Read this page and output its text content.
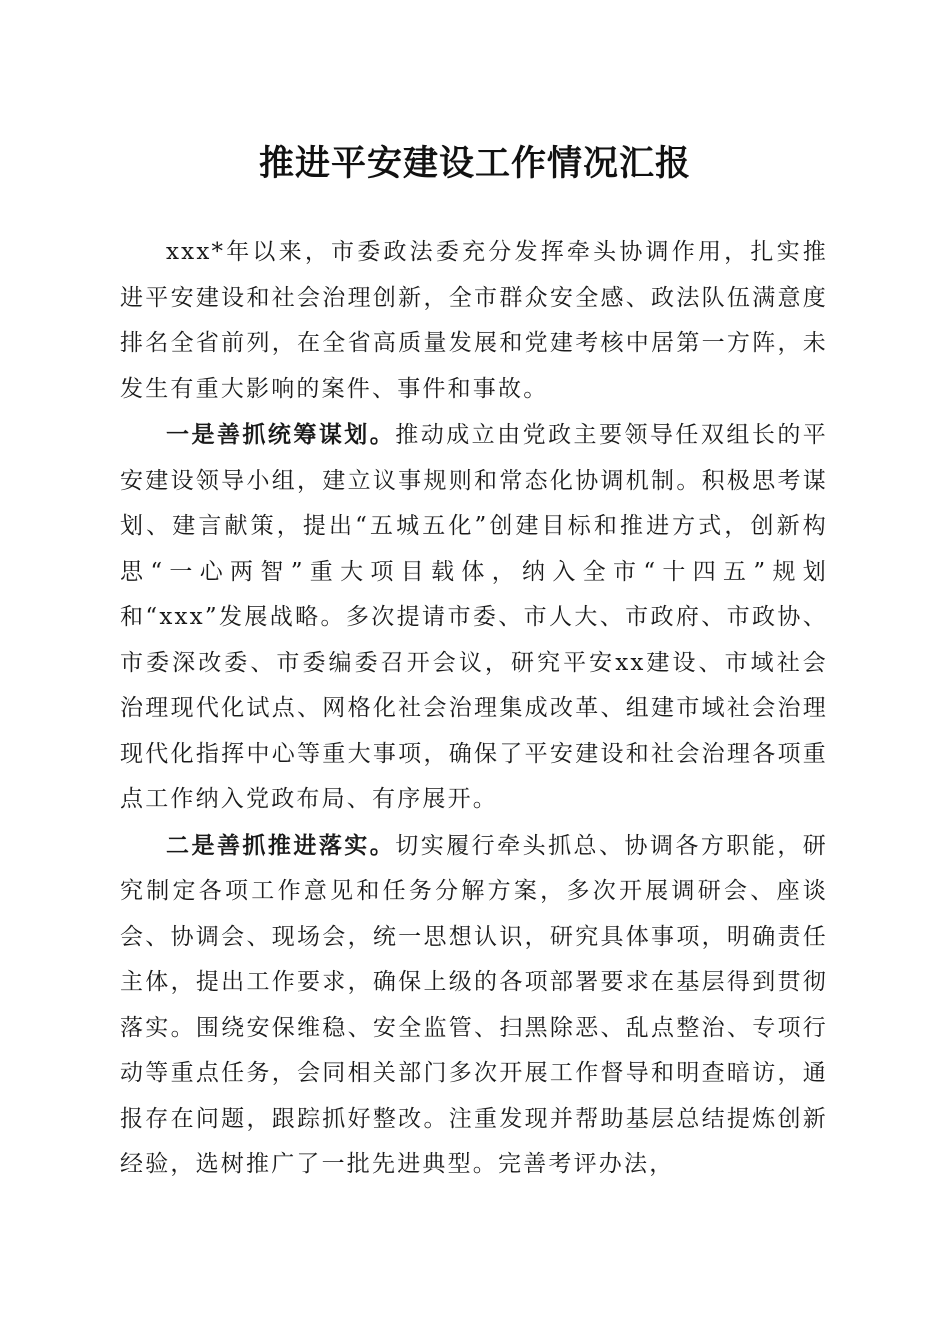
推进平安建设工作情况汇报

xxx*年以来，市委政法委充分发挥牵头协调作用，扎实推进平安建设和社会治理创新，全市群众安全感、政法队伍满意度排名全省前列，在全省高质量发展和党建考核中居第一方阵，未发生有重大影响的案件、事件和事故。

一是善抓统筹谋划。推动成立由党政主要领导任双组长的平安建设领导小组，建立议事规则和常态化协调机制。积极思考谋划、建言献策，提出“五城五化”创建目标和推进方式，创新构思“一心两智”重大项目载体，纳入全市“十四五”规划和“xxx”发展战略。多次提请市委、市人大、市政府、市政协、市委深改委、市委编委召开会议，研究平安xx建设、市域社会治理现代化试点、网格化社会治理集成改革、组建市域社会治理现代化指挥中心等重大事项，确保了平安建设和社会治理各项重点工作纳入党政布局、有序展开。

二是善抓推进落实。切实履行牵头抓总、协调各方职能，研究制定各项工作意见和任务分解方案，多次开展调研会、座谈会、协调会、现场会，统一思想认识，研究具体事项，明确责任主体，提出工作要求，确保上级的各项部署要求在基层得到贯彻落实。围绕安保维稳、安全监管、扫黑除恶、乱点整治、专项行动等重点任务，会同相关部门多次开展工作督导和明查暗访，通报存在问题，跟踪抓好整改。注重发现并帮助基层总结提炼创新经验，选树推广了一批先进典型。完善考评办法，
